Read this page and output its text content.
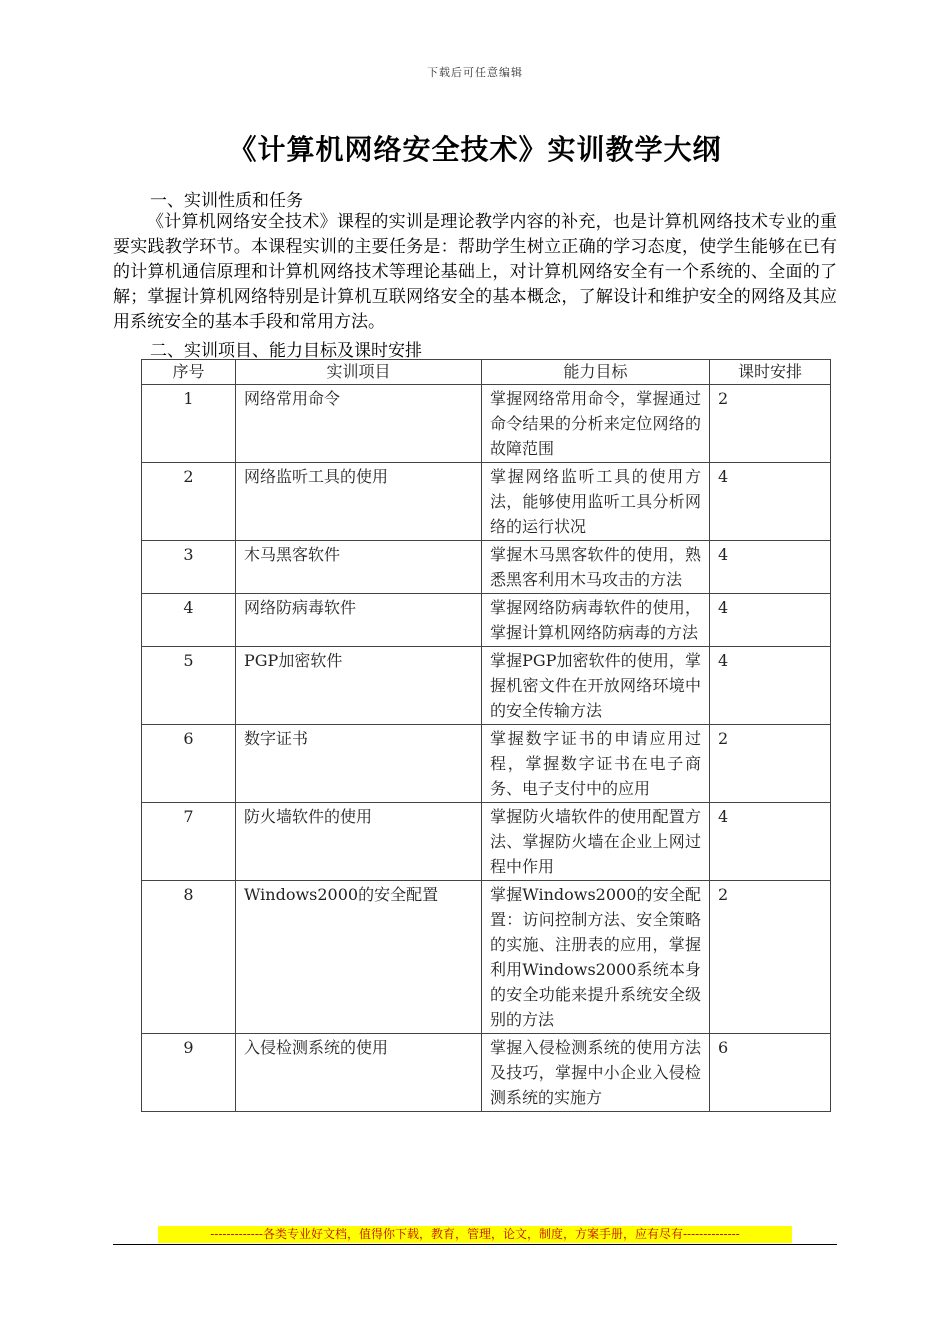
下载后可任意编辑
《计算机网络安全技术》实训教学大纲
一、实训性质和任务
《计算机网络安全技术》课程的实训是理论教学内容的补充，也是计算机网络技术专业的重要实践教学环节。本课程实训的主要任务是：帮助学生树立正确的学习态度，使学生能够在已有的计算机通信原理和计算机网络技术等理论基础上，对计算机网络安全有一个系统的、全面的了解；掌握计算机网络特别是计算机互联网络安全的基本概念，了解设计和维护安全的网络及其应用系统安全的基本手段和常用方法。
二、实训项目、能力目标及课时安排
序号	实训项目	能力目标	课时安排
1	网络常用命令	掌握网络常用命令，掌握通过命令结果的分析来定位网络的故障范围	2
2	网络监听工具的使用	掌握网络监听工具的使用方法，能够使用监听工具分析网络的运行状况	4
3	木马黑客软件	掌握木马黑客软件的使用，熟悉黑客利用木马攻击的方法	4
4	网络防病毒软件	掌握网络防病毒软件的使用，掌握计算机网络防病毒的方法	4
5	PGP加密软件	掌握PGP加密软件的使用，掌握机密文件在开放网络环境中的安全传输方法	4
6	数字证书	掌握数字证书的申请应用过程，掌握数字证书在电子商务、电子支付中的应用	2
7	防火墙软件的使用	掌握防火墙软件的使用配置方法、掌握防火墙在企业上网过程中作用	4
8	Windows2000的安全配置	掌握Windows2000的安全配置：访问控制方法、安全策略的实施、注册表的应用，掌握利用Windows2000系统本身的安全功能来提升系统安全级别的方法	2
9	入侵检测系统的使用	掌握入侵检测系统的使用方法及技巧，掌握中小企业入侵检测系统的实施方	6
-------------各类专业好文档，值得你下载，教育，管理，论文，制度，方案手册，应有尽有--------------
